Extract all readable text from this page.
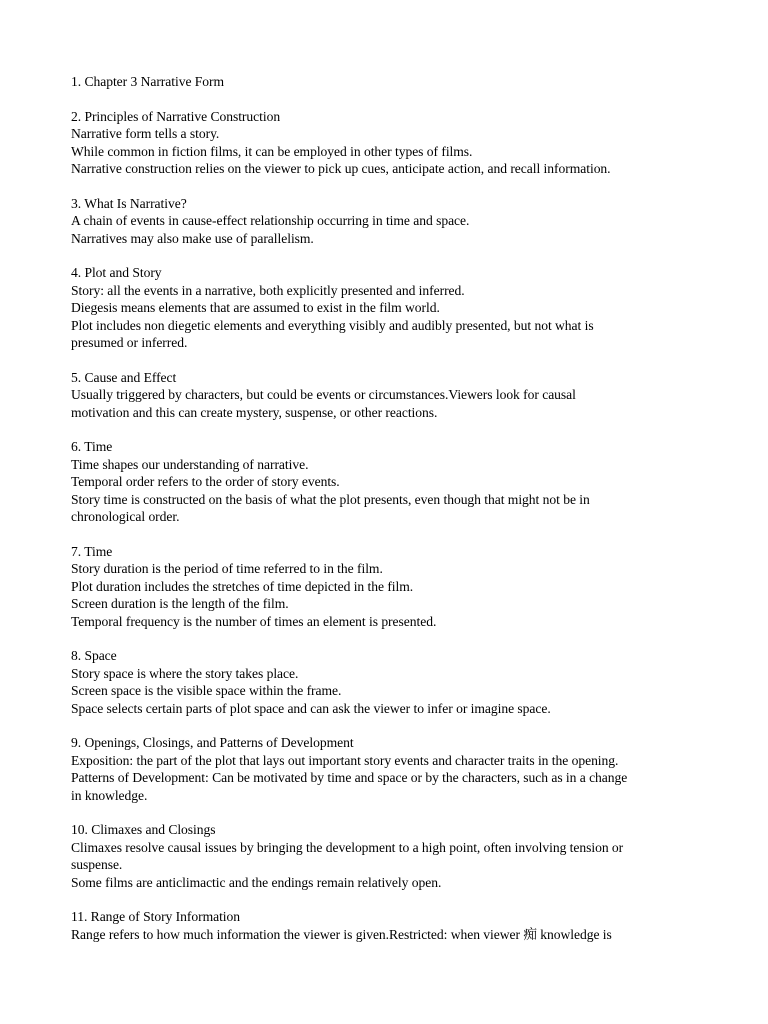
1. Chapter 3 Narrative Form
2. Principles of Narrative Construction
Narrative form tells a story.
While common in fiction films, it can be employed in other types of films.
Narrative construction relies on the viewer to pick up cues, anticipate action, and recall information.
3. What Is Narrative?
A chain of events in cause-effect relationship occurring in time and space.
Narratives may also make use of parallelism.
4. Plot and Story
Story: all the events in a narrative, both explicitly presented and inferred.
Diegesis means elements that are assumed to exist in the film world.
Plot includes non diegetic elements and everything visibly and audibly presented, but not what is
presumed or inferred.
5. Cause and Effect
Usually triggered by characters, but could be events or circumstances.Viewers look for causal
motivation and this can create mystery, suspense, or other reactions.
6. Time
Time shapes our understanding of narrative.
Temporal order refers to the order of story events.
Story time is constructed on the basis of what the plot presents, even though that might not be in
chronological order.
7. Time
Story duration is the period of time referred to in the film.
Plot duration includes the stretches of time depicted in the film.
Screen duration is the length of the film.
Temporal frequency is the number of times an element is presented.
8. Space
Story space is where the story takes place.
Screen space is the visible space within the frame.
Space selects certain parts of plot space and can ask the viewer to infer or imagine space.
9. Openings, Closings, and Patterns of Development
Exposition: the part of the plot that lays out important story events and character traits in the opening.
Patterns of Development: Can be motivated by time and space or by the characters, such as in a change
in knowledge.
10. Climaxes and Closings
Climaxes resolve causal issues by bringing the development to a high point, often involving tension or
suspense.
Some films are anticlimactic and the endings remain relatively open.
11. Range of Story Information
Range refers to how much information the viewer is given.Restricted: when viewer 痴 knowledge is
